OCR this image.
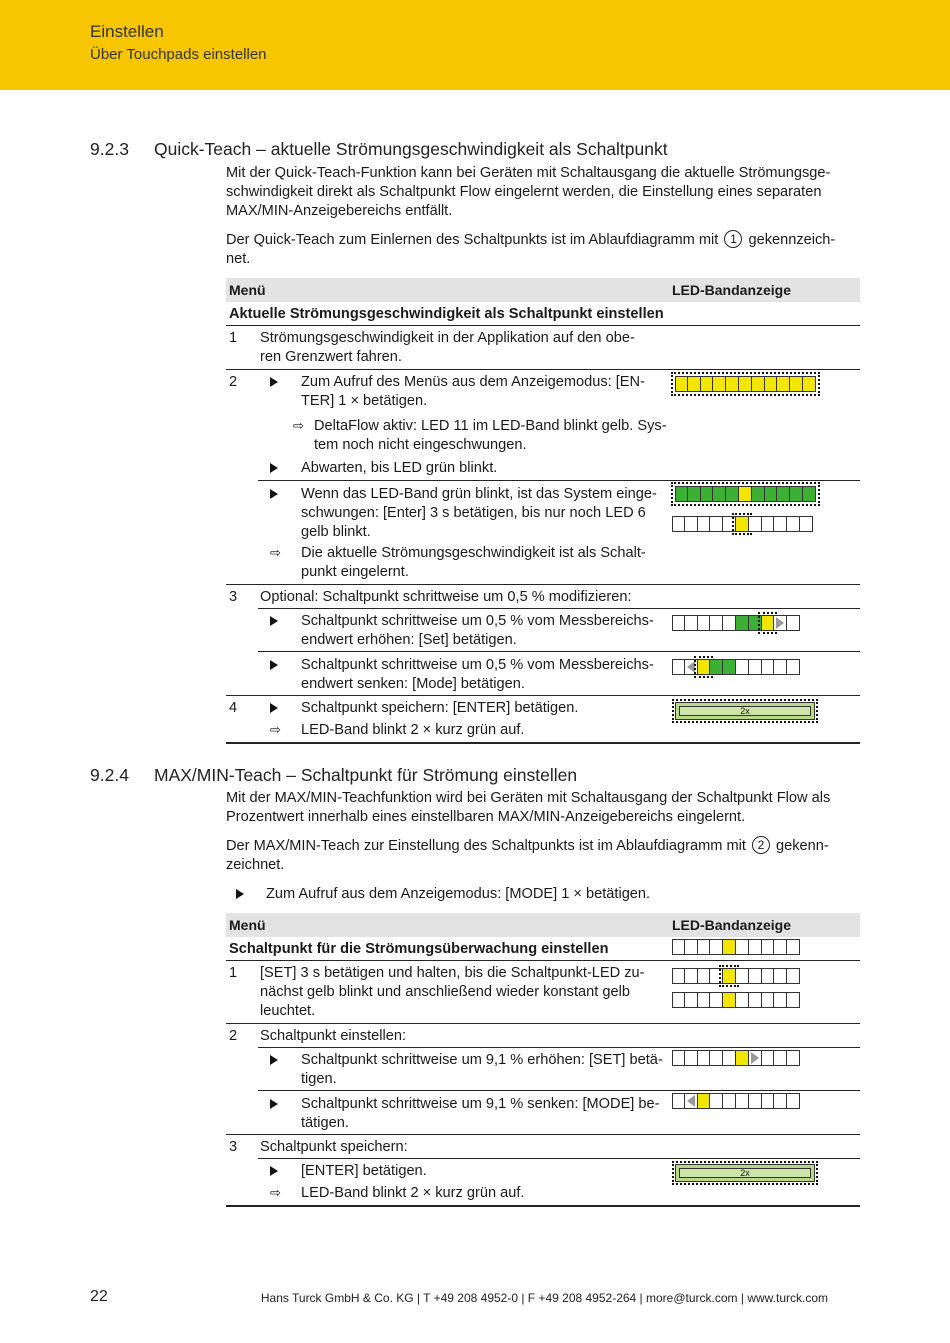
Einstellen
Über Touchpads einstellen
9.2.3 Quick-Teach – aktuelle Strömungsgeschwindigkeit als Schaltpunkt
Mit der Quick-Teach-Funktion kann bei Geräten mit Schaltausgang die aktuelle Strömungsge-
schwindigkeit direkt als Schaltpunkt Flow eingelernt werden, die Einstellung eines separaten
MAX/MIN-Anzeigebereichs entfällt.
Der Quick-Teach zum Einlernen des Schaltpunkts ist im Ablaufdiagramm mit 1 gekennzeich-
net.
Menü	LED-Bandanzeige
Aktuelle Strömungsgeschwindigkeit als Schaltpunkt einstellen
1 Strömungsgeschwindigkeit in der Applikation auf den obe-
ren Grenzwert fahren.
2	Zum Aufruf des Menüs aus dem Anzeigemodus: [EN-
TER] 1 × betätigen.
⇨ DeltaFlow aktiv: LED 11 im LED-Band blinkt gelb. Sys-
tem noch nicht eingeschwungen.
Abwarten, bis LED grün blinkt.
Wenn das LED-Band grün blinkt, ist das System einge-
schwungen: [Enter] 3 s betätigen, bis nur noch LED 6
gelb blinkt.
⇨ Die aktuelle Strömungsgeschwindigkeit ist als Schalt-
punkt eingelernt.
3 Optional: Schaltpunkt schrittweise um 0,5 % modifizieren:
Schaltpunkt schrittweise um 0,5 % vom Messbereichs-
endwert erhöhen: [Set] betätigen.
Schaltpunkt schrittweise um 0,5 % vom Messbereichs-
endwert senken: [Mode] betätigen.
4	Schaltpunkt speichern: [ENTER] betätigen.
⇨ LED-Band blinkt 2 × kurz grün auf.
2x
9.2.4 MAX/MIN-Teach – Schaltpunkt für Strömung einstellen
Mit der MAX/MIN-Teachfunktion wird bei Geräten mit Schaltausgang der Schaltpunkt Flow als
Prozentwert innerhalb eines einstellbaren MAX/MIN-Anzeigebereichs eingelernt.
Der MAX/MIN-Teach zur Einstellung des Schaltpunkts ist im Ablaufdiagramm mit 2 gekenn-
zeichnet.
Zum Aufruf aus dem Anzeigemodus: [MODE] 1 × betätigen.
Menü	LED-Bandanzeige
Schaltpunkt für die Strömungsüberwachung einstellen
1 [SET] 3 s betätigen und halten, bis die Schaltpunkt-LED zu-
nächst gelb blinkt und anschließend wieder konstant gelb
leuchtet.
2 Schaltpunkt einstellen:
Schaltpunkt schrittweise um 9,1 % erhöhen: [SET] betä-
tigen.
Schaltpunkt schrittweise um 9,1 % senken: [MODE] be-
tätigen.
3 Schaltpunkt speichern:
[ENTER] betätigen.
⇨ LED-Band blinkt 2 × kurz grün auf.
2x
22	Hans Turck GmbH & Co. KG | T +49 208 4952-0 | F +49 208 4952-264 | more@turck.com | www.turck.com
